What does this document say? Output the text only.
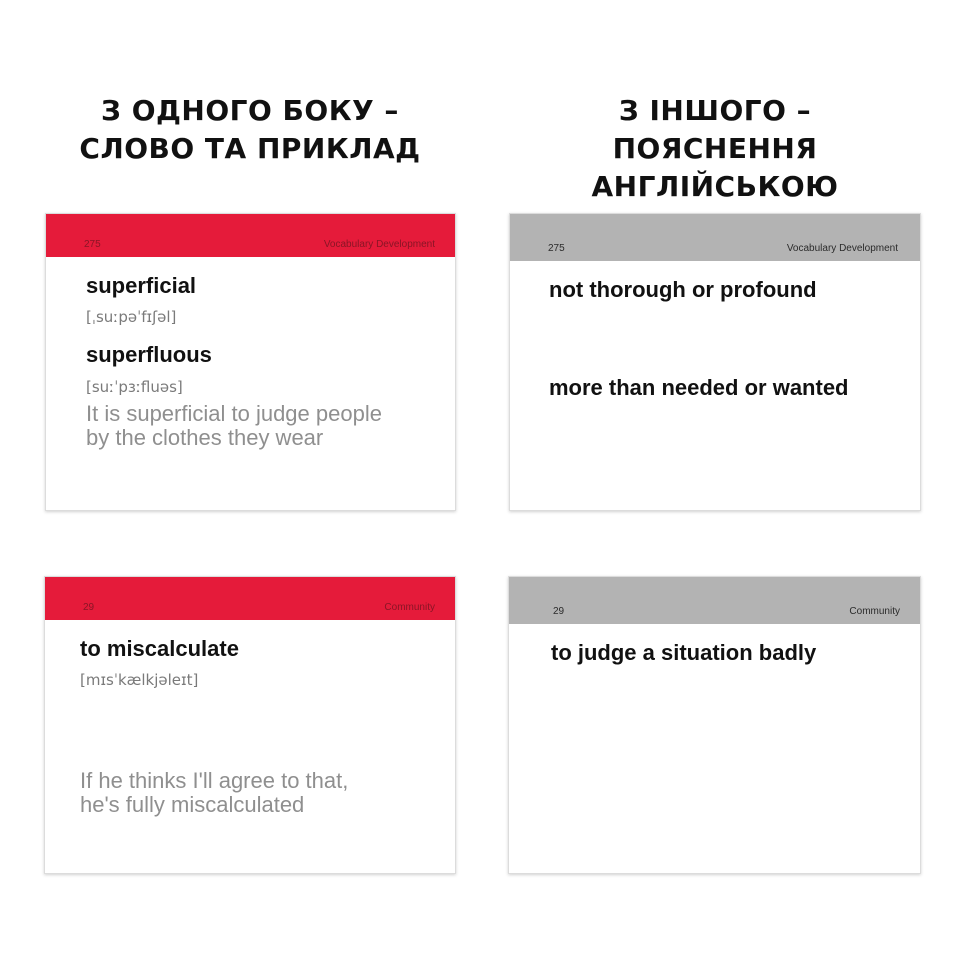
З ОДНОГО БОКУ –
СЛОВО ТА ПРИКЛАД
З ІНШОГО – ПОЯСНЕННЯ
АНГЛІЙСЬКОЮ
275	Vocabulary Development
superficial
[ˌsuːpəˈfɪʃəl]
superfluous
[suːˈpɜːfluəs]
It is superficial to judge people
by the clothes they wear
275	Vocabulary Development
not thorough or profound
more than needed or wanted
29	Community
to miscalculate
[mɪsˈkælkjəleɪt]
If he thinks I'll agree to that,
he's fully miscalculated
29	Community
to judge a situation badly
